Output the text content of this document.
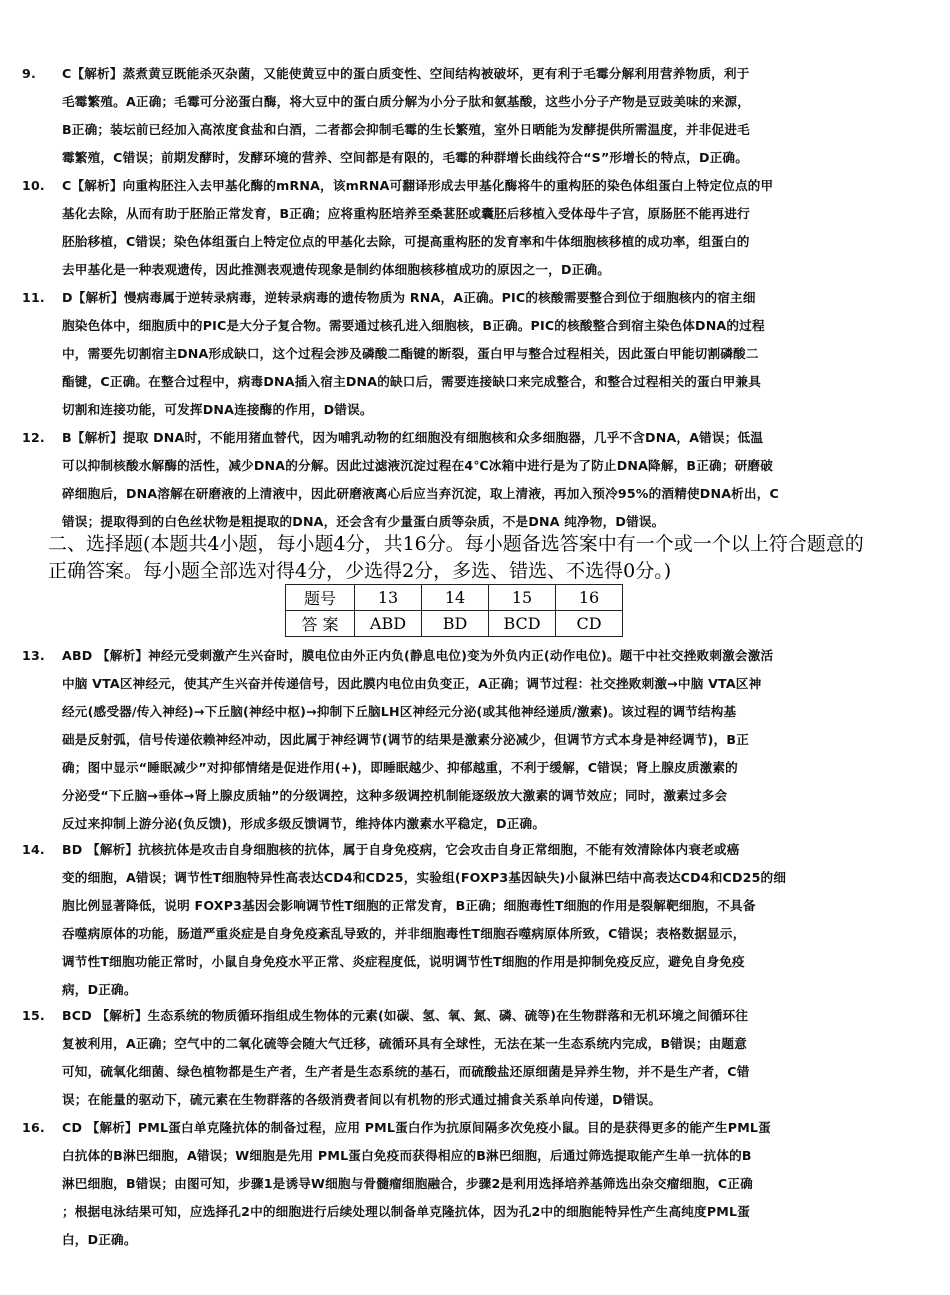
9. C【解析】蒸煮黄豆既能杀灭杂菌，又能使黄豆中的蛋白质变性、空间结构被破坏，更有利于毛霉分解利用营养物质，利于
毛霉繁殖。A正确；毛霉可分泌蛋白酶，将大豆中的蛋白质分解为小分子肽和氨基酸，这些小分子产物是豆豉美味的来源，
B正确；装坛前已经加入高浓度食盐和白酒，二者都会抑制毛霉的生长繁殖，室外日晒能为发酵提供所需温度，并非促进毛
霉繁殖，C错误；前期发酵时，发酵环境的营养、空间都是有限的，毛霉的种群增长曲线符合“S”形增长的特点，D正确。
10. C【解析】向重构胚注入去甲基化酶的mRNA，该mRNA可翻译形成去甲基化酶将牛的重构胚的染色体组蛋白上特定位点的甲
基化去除，从而有助于胚胎正常发育，B正确；应将重构胚培养至桑葚胚或囊胚后移植入受体母牛子宫，原肠胚不能再进行
胚胎移植，C错误；染色体组蛋白上特定位点的甲基化去除，可提高重构胚的发育率和牛体细胞核移植的成功率，组蛋白的
去甲基化是一种表观遗传，因此推测表观遗传现象是制约体细胞核移植成功的原因之一，D正确。
11. D【解析】慢病毒属于逆转录病毒，逆转录病毒的遗传物质为 RNA，A正确。PIC的核酸需要整合到位于细胞核内的宿主细
胞染色体中，细胞质中的PIC是大分子复合物。需要通过核孔进入细胞核，B正确。PIC的核酸整合到宿主染色体DNA的过程
中，需要先切割宿主DNA形成缺口，这个过程会涉及磷酸二酯键的断裂，蛋白甲与整合过程相关，因此蛋白甲能切割磷酸二
酯键，C正确。在整合过程中，病毒DNA插入宿主DNA的缺口后，需要连接缺口来完成整合，和整合过程相关的蛋白甲兼具
切割和连接功能，可发挥DNA连接酶的作用，D错误。
12. B【解析】提取 DNA时，不能用猪血替代，因为哺乳动物的红细胞没有细胞核和众多细胞器，几乎不含DNA，A错误；低温
可以抑制核酸水解酶的活性，减少DNA的分解。因此过滤液沉淀过程在4℃冰箱中进行是为了防止DNA降解，B正确；研磨破
碎细胞后，DNA溶解在研磨液的上清液中，因此研磨液离心后应当弃沉淀，取上清液，再加入预冷95%的酒精使DNA析出，C
错误；提取得到的白色丝状物是粗提取的DNA，还会含有少量蛋白质等杂质，不是DNA 纯净物，D错误。
二、选择题(本题共4小题，每小题4分，共16分。每小题备选答案中有一个或一个以上符合题意的
正确答案。每小题全部选对得4分，少选得2分，多选、错选、不选得0分。)
题号	13	14	15	16
答 案	ABD	BD	BCD	CD
13. ABD 【解析】神经元受刺激产生兴奋时，膜电位由外正内负(静息电位)变为外负内正(动作电位)。题干中社交挫败刺激会激活
中脑 VTA区神经元，使其产生兴奋并传递信号，因此膜内电位由负变正，A正确；调节过程：社交挫败刺激→中脑 VTA区神
经元(感受器/传入神经)→下丘脑(神经中枢)→抑制下丘脑LH区神经元分泌(或其他神经递质/激素)。该过程的调节结构基
础是反射弧，信号传递依赖神经冲动，因此属于神经调节(调节的结果是激素分泌减少，但调节方式本身是神经调节)，B正
确；图中显示“睡眠减少”对抑郁情绪是促进作用(+)，即睡眠越少、抑郁越重，不利于缓解，C错误；肾上腺皮质激素的
分泌受“下丘脑→垂体→肾上腺皮质轴”的分级调控，这种多级调控机制能逐级放大激素的调节效应；同时，激素过多会
反过来抑制上游分泌(负反馈)，形成多级反馈调节，维持体内激素水平稳定，D正确。
14. BD 【解析】抗核抗体是攻击自身细胞核的抗体，属于自身免疫病，它会攻击自身正常细胞，不能有效清除体内衰老或癌
变的细胞，A错误；调节性T细胞特异性高表达CD4和CD25，实验组(FOXP3基因缺失)小鼠淋巴结中高表达CD4和CD25的细
胞比例显著降低，说明 FOXP3基因会影响调节性T细胞的正常发育，B正确；细胞毒性T细胞的作用是裂解靶细胞，不具备
吞噬病原体的功能，肠道严重炎症是自身免疫紊乱导致的，并非细胞毒性T细胞吞噬病原体所致，C错误；表格数据显示，
调节性T细胞功能正常时，小鼠自身免疫水平正常、炎症程度低，说明调节性T细胞的作用是抑制免疫反应，避免自身免疫
病，D正确。
15. BCD 【解析】生态系统的物质循环指组成生物体的元素(如碳、氢、氧、氮、磷、硫等)在生物群落和无机环境之间循环往
复被利用，A正确；空气中的二氧化硫等会随大气迁移，硫循环具有全球性，无法在某一生态系统内完成，B错误；由题意
可知，硫氧化细菌、绿色植物都是生产者，生产者是生态系统的基石，而硫酸盐还原细菌是异养生物，并不是生产者，C错
误；在能量的驱动下，硫元素在生物群落的各级消费者间以有机物的形式通过捕食关系单向传递，D错误。
16. CD 【解析】PML蛋白单克隆抗体的制备过程，应用 PML蛋白作为抗原间隔多次免疫小鼠。目的是获得更多的能产生PML蛋
白抗体的B淋巴细胞，A错误；W细胞是先用 PML蛋白免疫而获得相应的B淋巴细胞，后通过筛选提取能产生单一抗体的B
淋巴细胞，B错误；由图可知，步骤1是诱导W细胞与骨髓瘤细胞融合，步骤2是利用选择培养基筛选出杂交瘤细胞，C正确
；根据电泳结果可知，应选择孔2中的细胞进行后续处理以制备单克隆抗体，因为孔2中的细胞能特异性产生高纯度PML蛋
白，D正确。
